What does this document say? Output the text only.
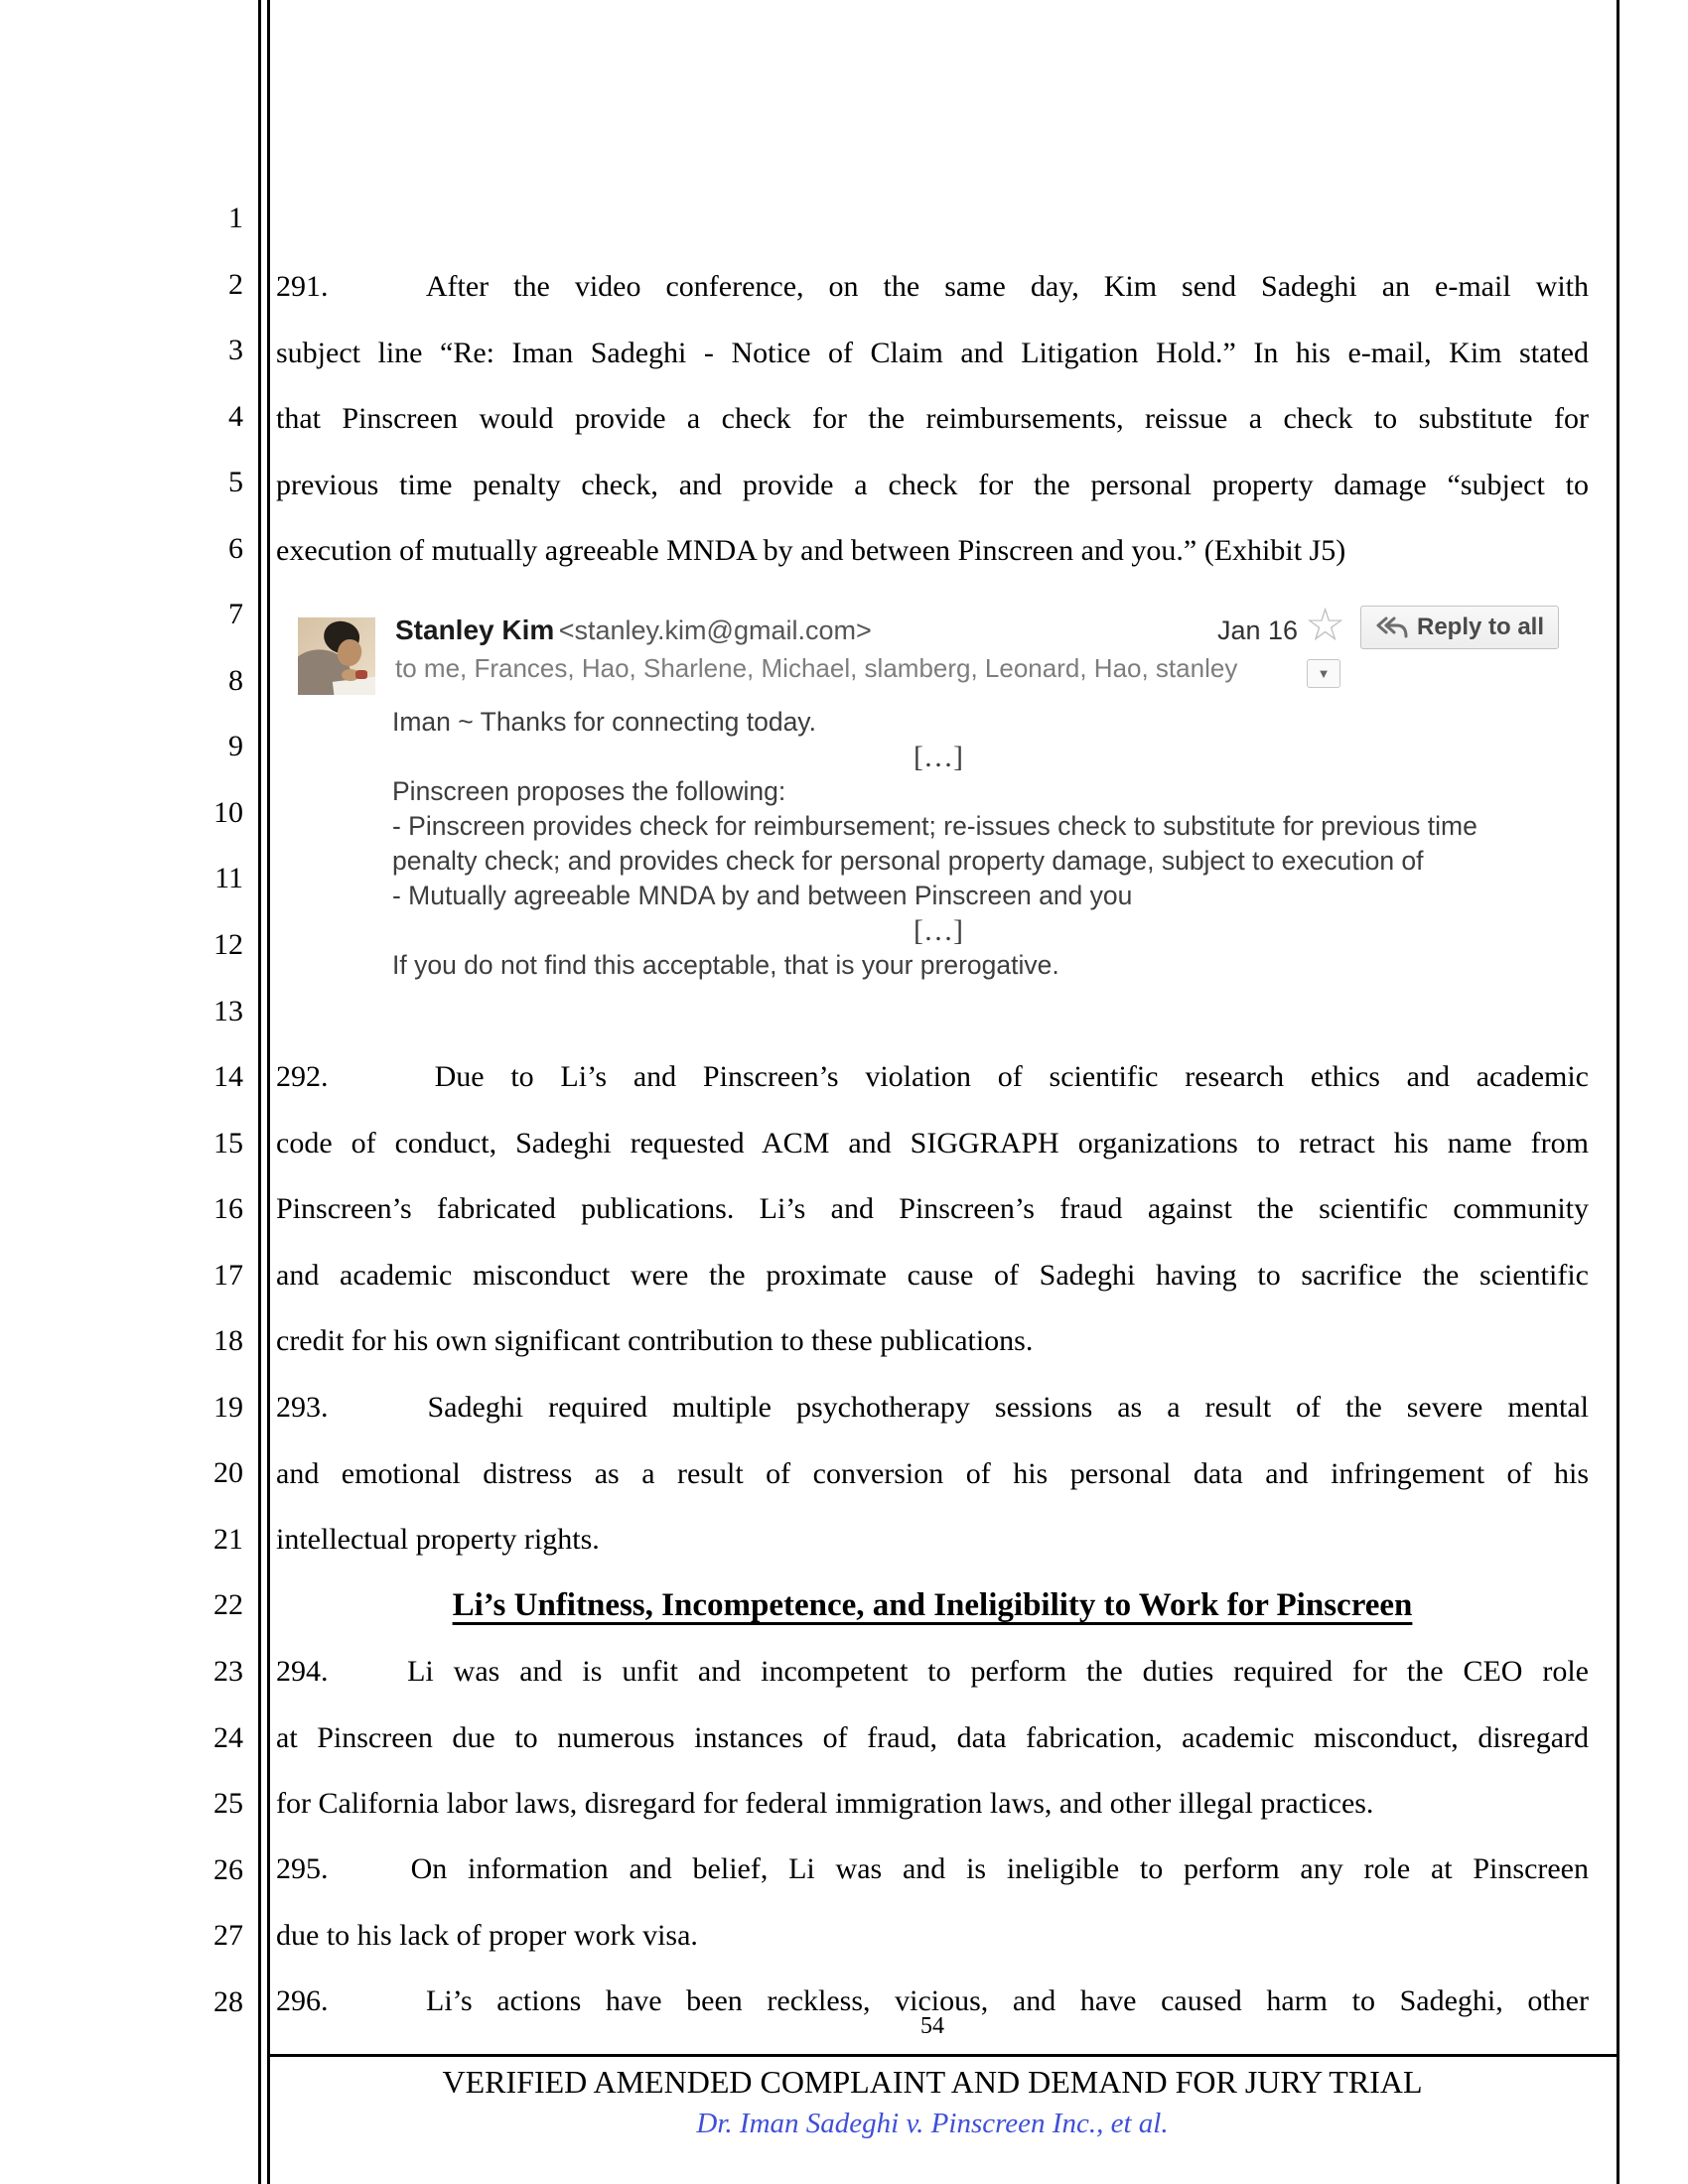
1
2
3
4
5
6
7
8
9
10
11
12
13
14
15
16
17
18
19
20
21
22
23
24
25
26
27
28
291.    After the video conference, on the same day, Kim send Sadeghi an e-mail with
subject line “Re: Iman Sadeghi - Notice of Claim and Litigation Hold.” In his e-mail, Kim stated
that Pinscreen would provide a check for the reimbursements, reissue a check to substitute for
previous time penalty check, and provide a check for the personal property damage “subject to
execution of mutually agreeable MNDA by and between Pinscreen and you.” (Exhibit J5)
Stanley Kim <stanley.kim@gmail.com>	Jan 16 ☆	Reply to all
to me, Frances, Hao, Sharlene, Michael, slamberg, Leonard, Hao, stanley	▼
Iman ~ Thanks for connecting today.
[…]
Pinscreen proposes the following:
- Pinscreen provides check for reimbursement; re-issues check to substitute for previous time
penalty check; and provides check for personal property damage, subject to execution of
- Mutually agreeable MNDA by and between Pinscreen and you
[…]
If you do not find this acceptable, that is your prerogative.
292.    Due to Li’s and Pinscreen’s violation of scientific research ethics and academic
code of conduct, Sadeghi requested ACM and SIGGRAPH organizations to retract his name from
Pinscreen’s fabricated publications. Li’s and Pinscreen’s fraud against the scientific community
and academic misconduct were the proximate cause of Sadeghi having to sacrifice the scientific
credit for his own significant contribution to these publications.
293.    Sadeghi required multiple psychotherapy sessions as a result of the severe mental
and emotional distress as a result of conversion of his personal data and infringement of his
intellectual property rights.
Li’s Unfitness, Incompetence, and Ineligibility to Work for Pinscreen
294.    Li was and is unfit and incompetent to perform the duties required for the CEO role
at Pinscreen due to numerous instances of fraud, data fabrication, academic misconduct, disregard
for California labor laws, disregard for federal immigration laws, and other illegal practices.
295.    On information and belief, Li was and is ineligible to perform any role at Pinscreen
due to his lack of proper work visa.
296.    Li’s actions have been reckless, vicious, and have caused harm to Sadeghi, other
54
VERIFIED AMENDED COMPLAINT AND DEMAND FOR JURY TRIAL
Dr. Iman Sadeghi v. Pinscreen Inc., et al.
